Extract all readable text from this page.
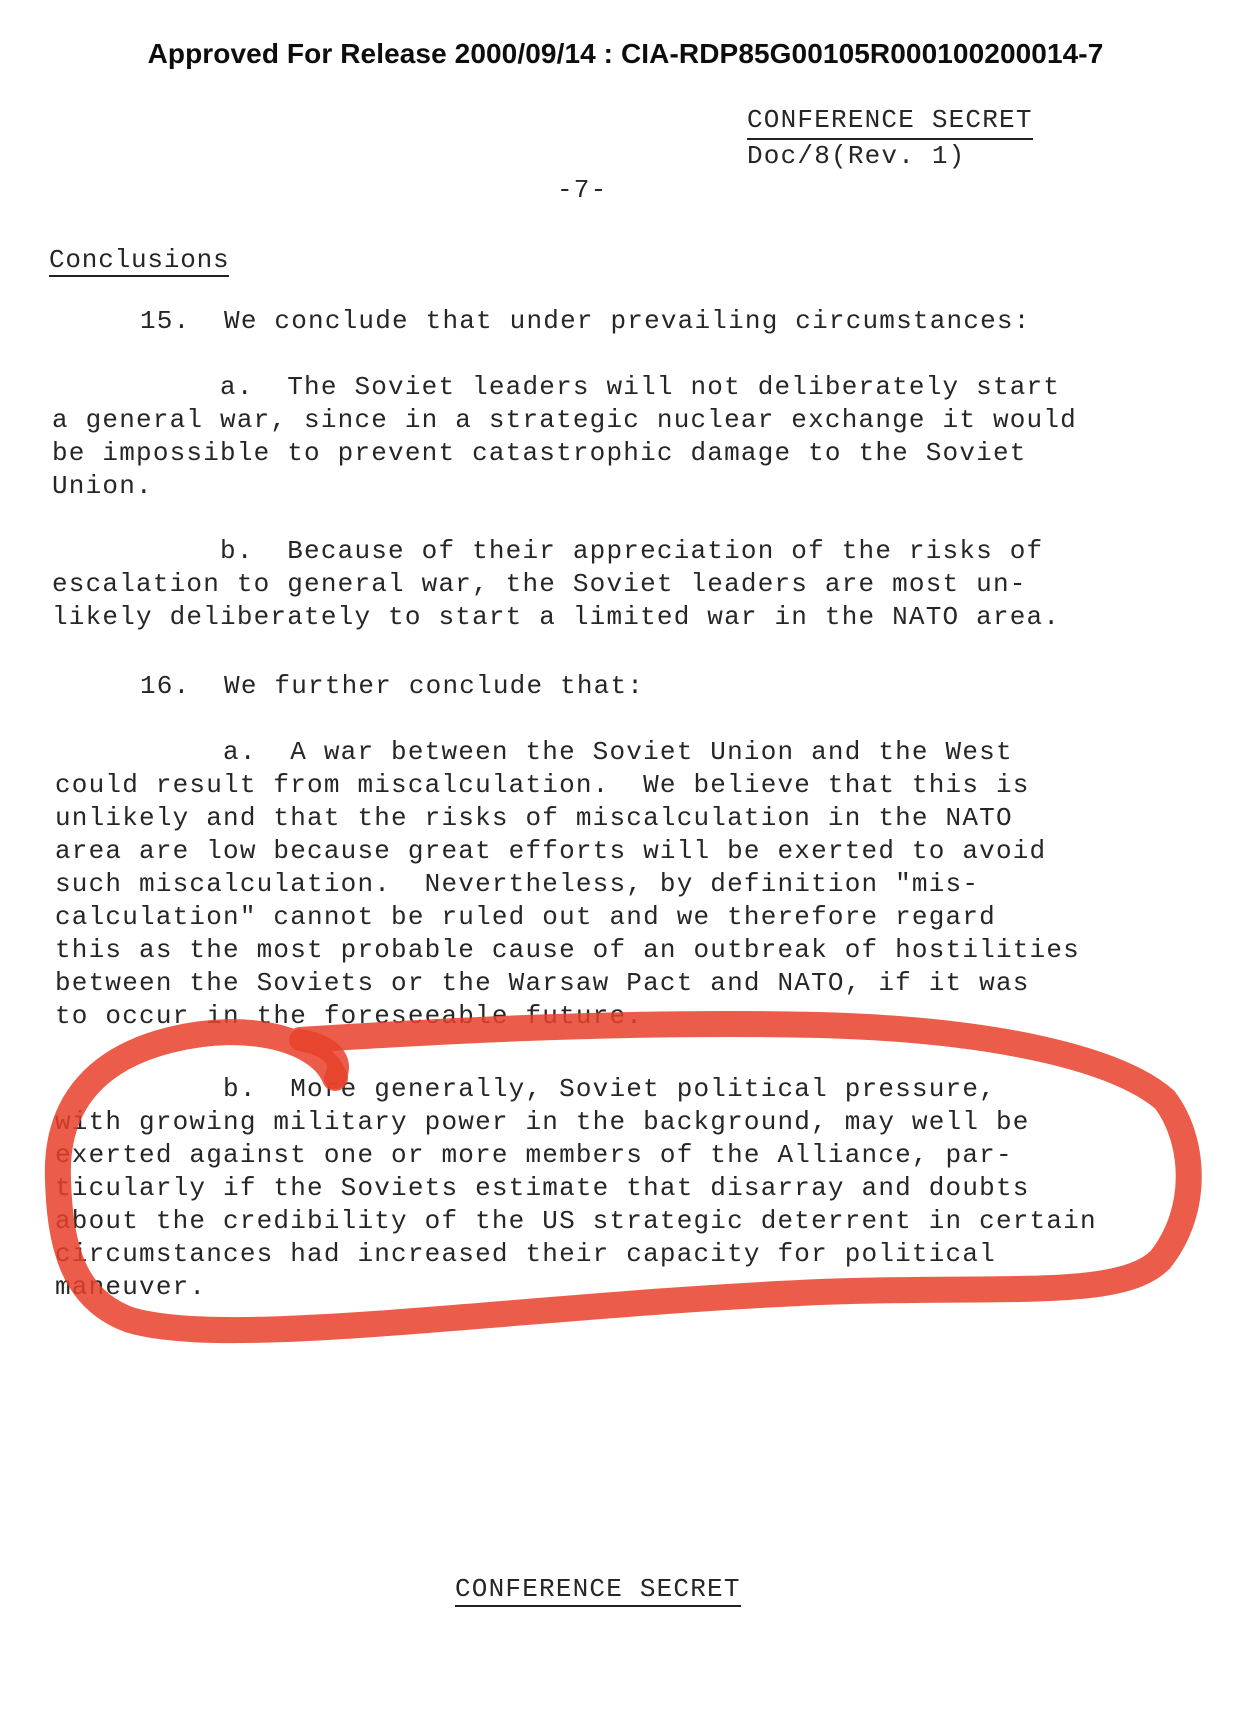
Approved For Release 2000/09/14 : CIA-RDP85G00105R000100200014-7
CONFERENCE SECRET
Doc/8(Rev. 1)
-7-
Conclusions
15.  We conclude that under prevailing circumstances:
a.  The Soviet leaders will not deliberately start
a general war, since in a strategic nuclear exchange it would
be impossible to prevent catastrophic damage to the Soviet
Union.
b.  Because of their appreciation of the risks of
escalation to general war, the Soviet leaders are most un-
likely deliberately to start a limited war in the NATO area.
16.  We further conclude that:
a.  A war between the Soviet Union and the West
could result from miscalculation.  We believe that this is
unlikely and that the risks of miscalculation in the NATO
area are low because great efforts will be exerted to avoid
such miscalculation.  Nevertheless, by definition "mis-
calculation" cannot be ruled out and we therefore regard
this as the most probable cause of an outbreak of hostilities
between the Soviets or the Warsaw Pact and NATO, if it was
to occur in the foreseeable future.
b.  More generally, Soviet political pressure,
with growing military power in the background, may well be
exerted against one or more members of the Alliance, par-
ticularly if the Soviets estimate that disarray and doubts
about the credibility of the US strategic deterrent in certain
circumstances had increased their capacity for political
maneuver.
CONFERENCE SECRET
